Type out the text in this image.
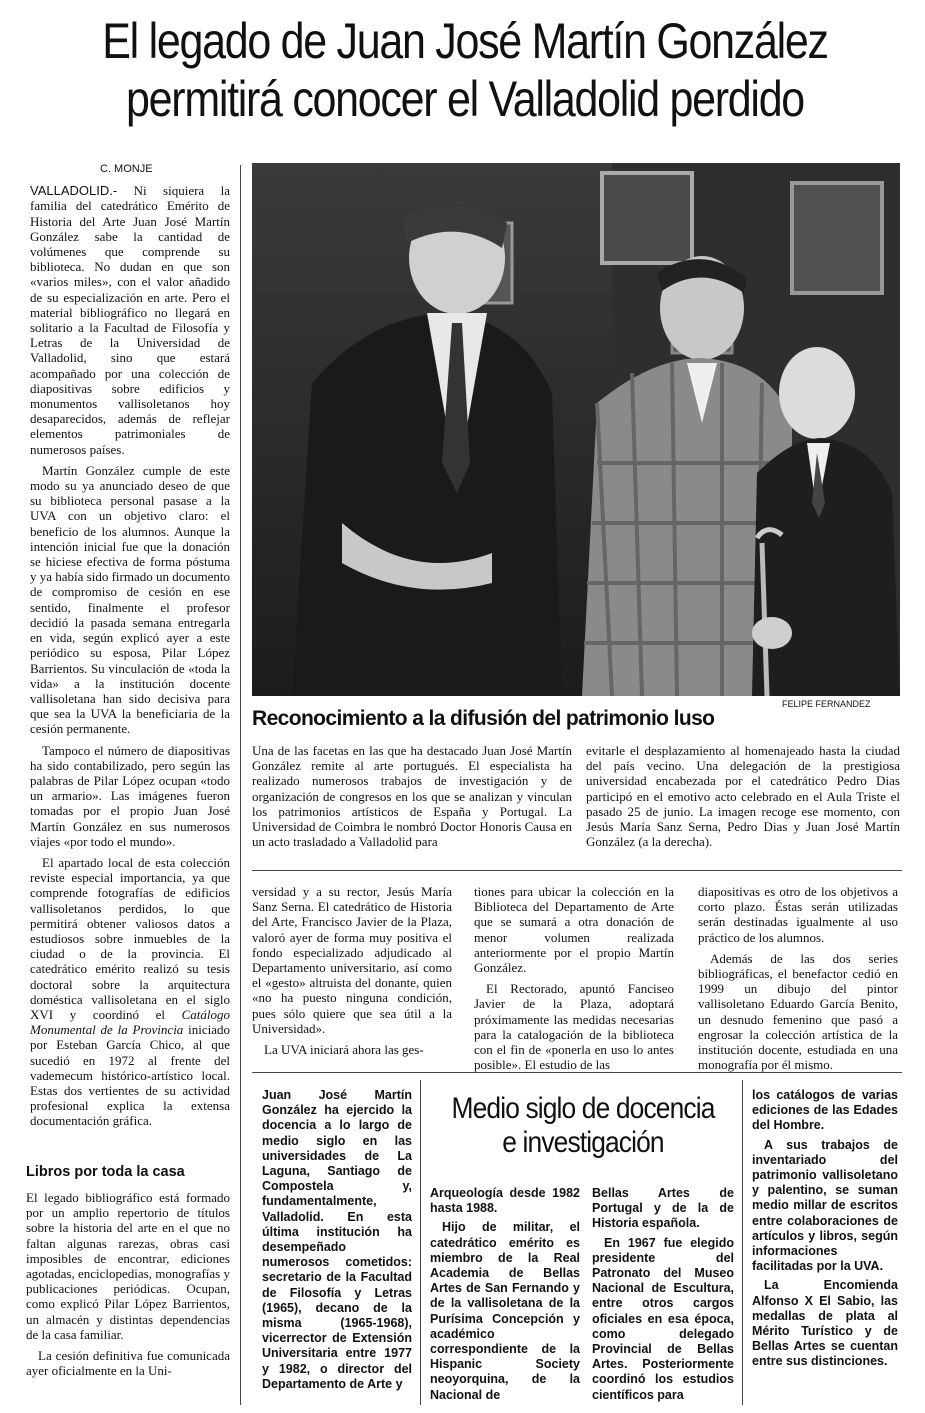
El legado de Juan José Martín González
permitirá conocer el Valladolid perdido

C. MONJE

VALLADOLID.- Ni siquiera la familia del catedrático Emérito de Historia del Arte Juan José Martín González sabe la cantidad de volúmenes que comprende su biblioteca. No dudan en que son «varios miles», con el valor añadido de su especialización en arte. Pero el material bibliográfico no llegará en solitario a la Facultad de Filosofía y Letras de la Universidad de Valladolid, sino que estará acompañado por una colección de diapositivas sobre edificios y monumentos vallisoletanos hoy desaparecidos, además de reflejar elementos patrimoniales de numerosos países.

Martín González cumple de este modo su ya anunciado deseo de que su biblioteca personal pasase a la UVA con un objetivo claro: el beneficio de los alumnos. Aunque la intención inicial fue que la donación se hiciese efectiva de forma póstuma y ya había sido firmado un documento de compromiso de cesión en ese sentido, finalmente el profesor decidió la pasada semana entregarla en vida, según explicó ayer a este periódico su esposa, Pilar López Barrientos. Su vinculación de «toda la vida» a la institución docente vallisoletana han sido decisiva para que sea la UVA la beneficiaria de la cesión permanente.

Tampoco el número de diapositivas ha sido contabilizado, pero según las palabras de Pilar López ocupan «todo un armario». Las imágenes fueron tomadas por el propio Juan José Martín González en sus numerosos viajes «por todo el mundo».

El apartado local de esta colección reviste especial importancia, ya que comprende fotografías de edificios vallisoletanos perdidos, lo que permitirá obtener valiosos datos a estudiosos sobre inmuebles de la ciudad o de la provincia. El catedrático emérito realizó su tesis doctoral sobre la arquitectura doméstica vallisoletana en el siglo XVI y coordinó el Catálogo Monumental de la Provincia iniciado por Esteban García Chico, al que sucedió en 1972 al frente del vademecum histórico-artístico local. Estas dos vertientes de su actividad profesional explica la extensa documentación gráfica.

Libros por toda la casa

El legado bibliográfico está formado por un amplio repertorio de títulos sobre la historia del arte en el que no faltan algunas rarezas, obras casi imposibles de encontrar, ediciones agotadas, enciclopedias, monografías y publicaciones periódicas. Ocupan, como explicó Pilar López Barrientos, un almacén y distintas dependencias de la casa familiar.

La cesión definitiva fue comunicada ayer oficialmente en la Uni-

FELIPE FERNANDEZ
Reconocimiento a la difusión del patrimonio luso
Una de las facetas en las que ha destacado Juan José Martín González remite al arte portugués. El especialista ha realizado numerosos trabajos de investigación y de organización de congresos en los que se analizan y vinculan los patrimonios artísticos de España y Portugal. La Universidad de Coimbra le nombró Doctor Honoris Causa en un acto trasladado a Valladolid para
evitarle el desplazamiento al homenajeado hasta la ciudad del país vecino. Una delegación de la prestigiosa universidad encabezada por el catedrático Pedro Dias participó en el emotivo acto celebrado en el Aula Triste el pasado 25 de junio. La imagen recoge ese momento, con Jesús María Sanz Serna, Pedro Dias y Juan José Martín González (a la derecha).

versidad y a su rector, Jesús María Sanz Serna. El catedrático de Historia del Arte, Francisco Javier de la Plaza, valoró ayer de forma muy positiva el fondo especializado adjudicado al Departamento universitario, así como el «gesto» altruista del donante, quien «no ha puesto ninguna condición, pues sólo quiere que sea útil a la Universidad».

La UVA iniciará ahora las ges-

tiones para ubicar la colección en la Biblioteca del Departamento de Arte que se sumará a otra donación de menor volumen realizada anteriormente por el propio Martín González.

El Rectorado, apuntó Fanciseo Javier de la Plaza, adoptará próximamente las medidas necesarias para la catalogación de la biblioteca con el fin de «ponerla en uso lo antes posible». El estudio de las

diapositivas es otro de los objetivos a corto plazo. Éstas serán utilizadas serán destinadas igualmente al uso práctico de los alumnos.

Además de las dos series bibliográficas, el benefactor cedió en 1999 un dibujo del pintor vallisoletano Eduardo García Benito, un desnudo femenino que pasó a engrosar la colección artística de la institución docente, estudiada en una monografía por él mismo.

Medio siglo de docencia
e investigación

Juan José Martín González ha ejercido la docencia a lo largo de medio siglo en las universidades de La Laguna, Santiago de Compostela y, fundamentalmente, Valladolid. En esta última institución ha desempeñado numerosos cometidos: secretario de la Facultad de Filosofía y Letras (1965), decano de la misma (1965-1968), vicerrector de Extensión Universitaria entre 1977 y 1982, o director del Departamento de Arte y

Arqueología desde 1982 hasta 1988.

Hijo de militar, el catedrático emérito es miembro de la Real Academia de Bellas Artes de San Fernando y de la vallisoletana de la Purísima Concepción y académico correspondiente de la Hispanic Society neoyorquina, de la Nacional de

Bellas Artes de Portugal y de la de Historia española.

En 1967 fue elegido presidente del Patronato del Museo Nacional de Escultura, entre otros cargos oficiales en esa época, como delegado Provincial de Bellas Artes. Posteriormente coordinó los estudios científicos para

los catálogos de varias ediciones de las Edades del Hombre.

A sus trabajos de inventariado del patrimonio vallisoletano y palentino, se suman medio millar de escritos entre colaboraciones de artículos y libros, según informaciones facilitadas por la UVA.

La Encomienda Alfonso X El Sabio, las medallas de plata al Mérito Turístico y de Bellas Artes se cuentan entre sus distinciones.
